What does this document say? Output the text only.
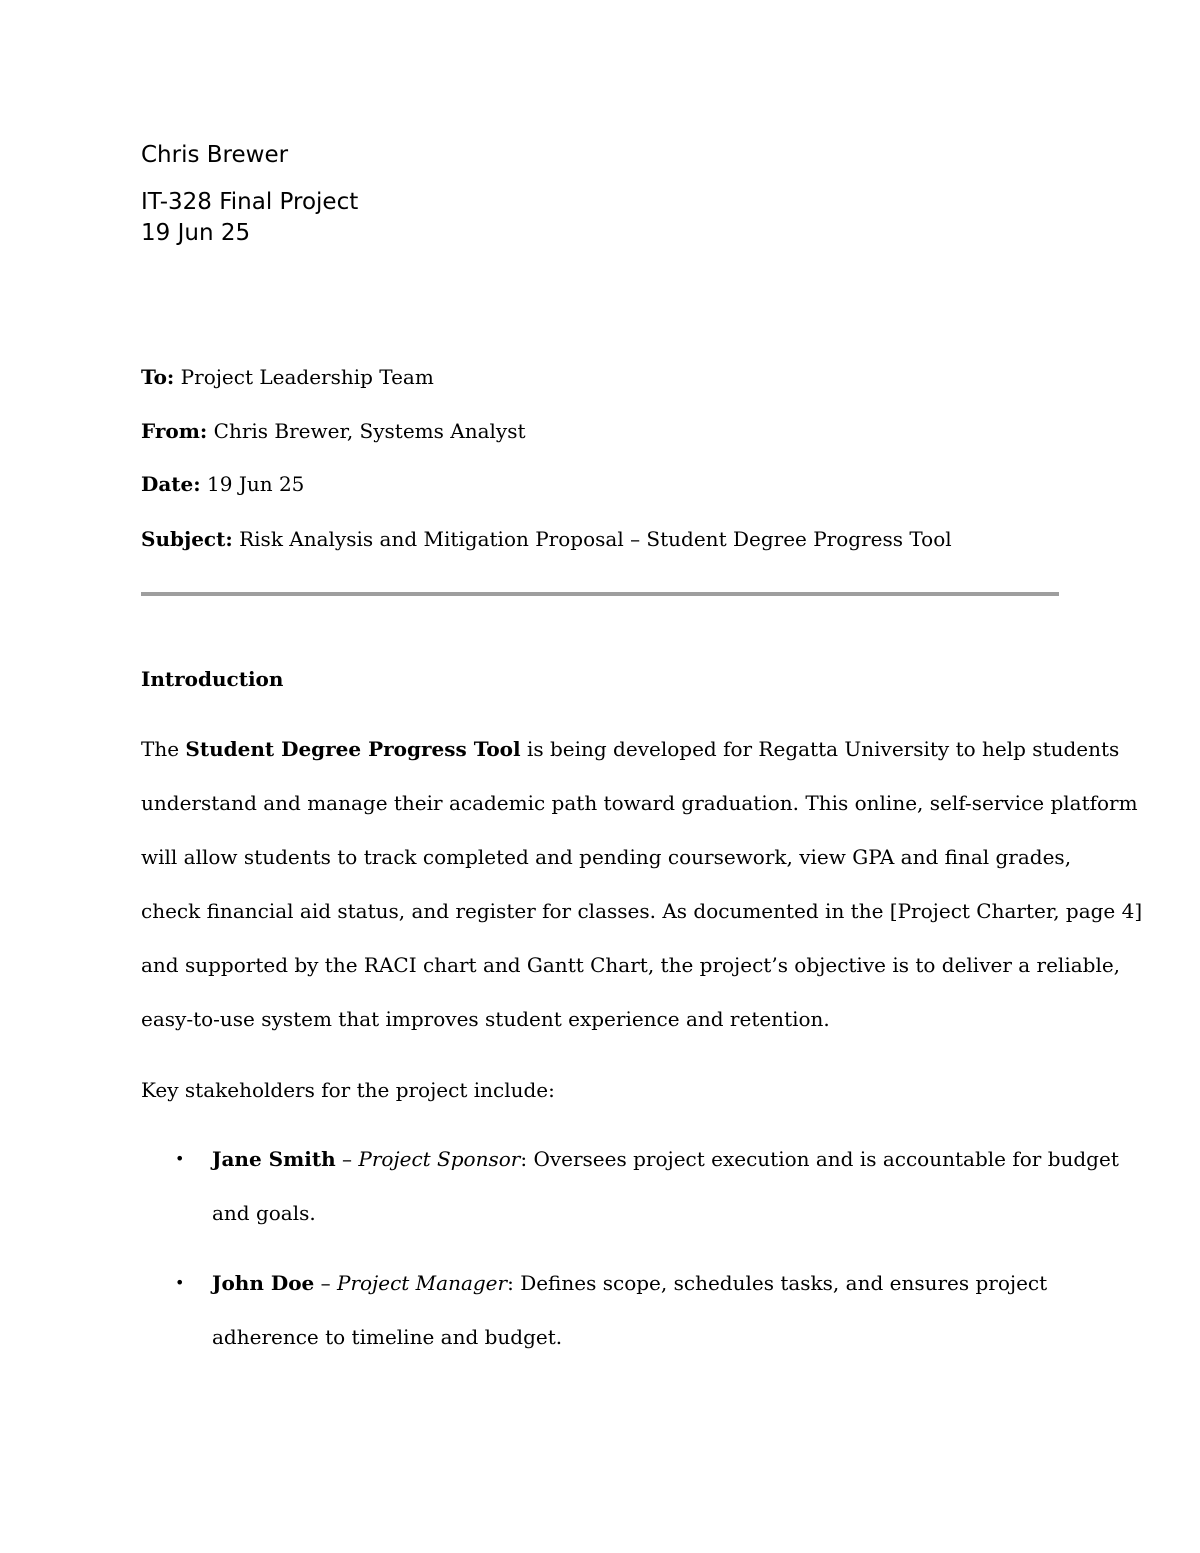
Chris Brewer
IT-328 Final Project
19 Jun 25
To: Project Leadership Team
From: Chris Brewer, Systems Analyst
Date: 19 Jun 25
Subject: Risk Analysis and Mitigation Proposal – Student Degree Progress Tool
Introduction
The Student Degree Progress Tool is being developed for Regatta University to help students
understand and manage their academic path toward graduation. This online, self-service platform
will allow students to track completed and pending coursework, view GPA and final grades,
check financial aid status, and register for classes. As documented in the [Project Charter, page 4]
and supported by the RACI chart and Gantt Chart, the project’s objective is to deliver a reliable,
easy-to-use system that improves student experience and retention.
Key stakeholders for the project include:
• Jane Smith – Project Sponsor: Oversees project execution and is accountable for budget
and goals.
• John Doe – Project Manager: Defines scope, schedules tasks, and ensures project
adherence to timeline and budget.
